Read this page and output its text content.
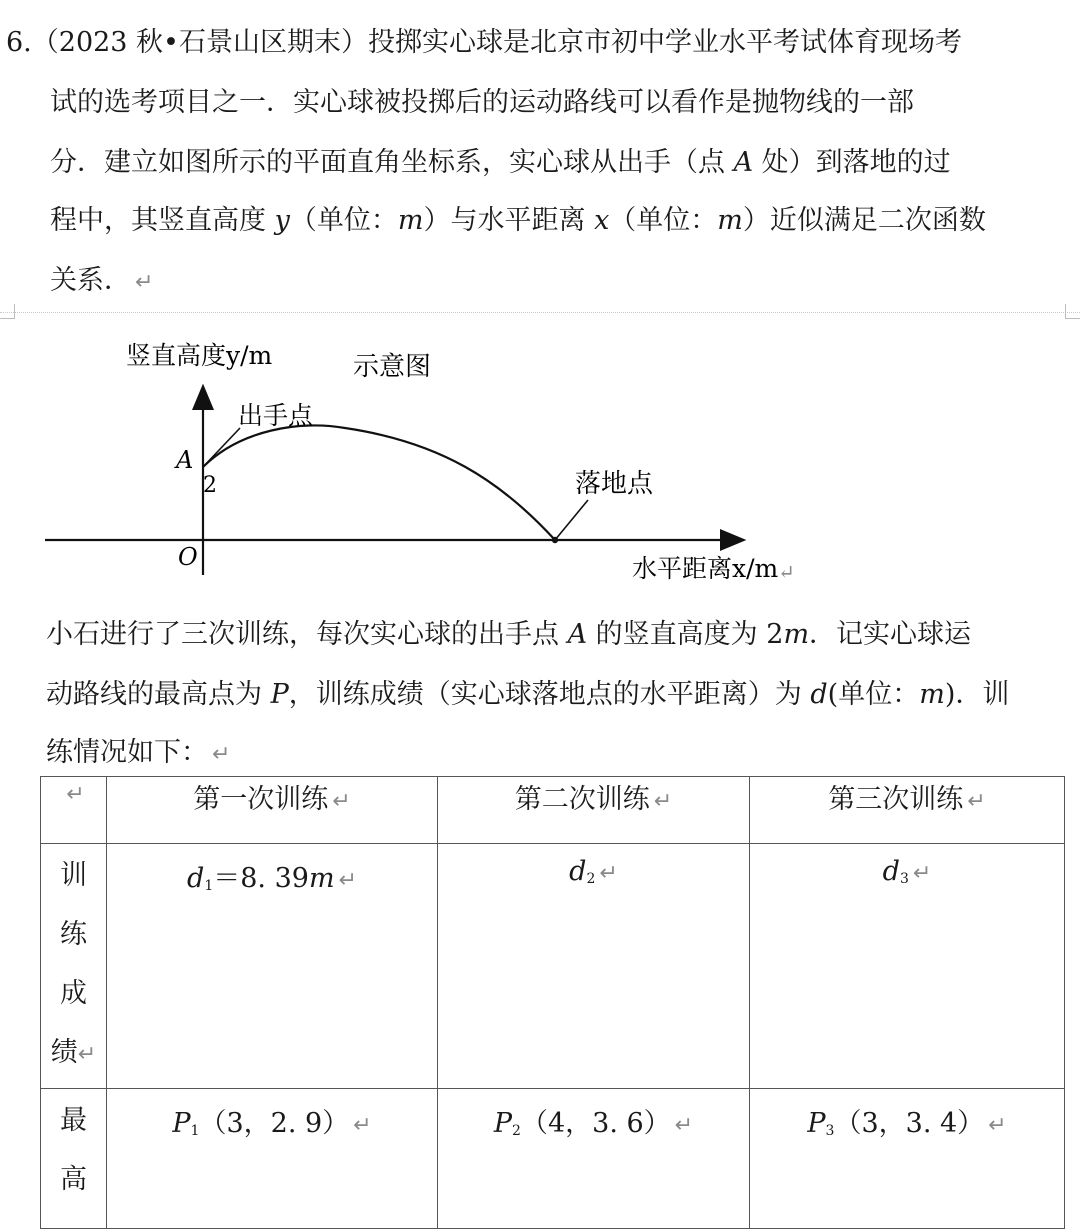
6.（2023 秋•石景山区期末）投掷实心球是北京市初中学业水平考试体育现场考
试的选考项目之一．实心球被投掷后的运动路线可以看作是抛物线的一部
分．建立如图所示的平面直角坐标系，实心球从出手（点 A 处）到落地的过
程中，其竖直高度 y（单位：m）与水平距离 x（单位：m）近似满足二次函数
关系． ↵
竖直高度y/m	示意图
出手点
A
2
O
落地点
水平距离x/m ↵
小石进行了三次训练，每次实心球的出手点 A 的竖直高度为 2m．记实心球运
动路线的最高点为 P，训练成绩（实心球落地点的水平距离）为 d(单位：m)．训
练情况如下： ↵
↵	第一次训练 ↵	第二次训练 ↵	第三次训练 ↵

训
练
成
绩↵	$d_1=8$. 39m ↵	$d_2$ ↵	$d_3$ ↵

最
高	$P_1(3$，2. 9） ↵	$P_2(4$，3. 6） ↵	$P_3(3$，3. 4） ↵
